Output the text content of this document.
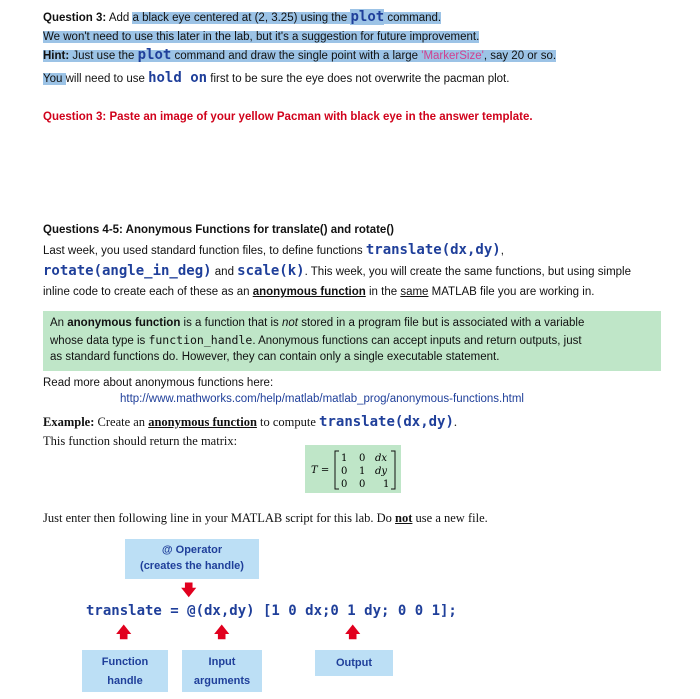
Question 3: Add a black eye centered at (2, 3.25) using the plot command.
We won't need to use this later in the lab, but it's a suggestion for future improvement.
Hint: Just use the plot command and draw the single point with a large 'MarkerSize', say 20 or so.
You will need to use hold on first to be sure the eye does not overwrite the pacman plot.
Question 3: Paste an image of your yellow Pacman with black eye in the answer template.
Questions 4-5: Anonymous Functions for translate() and rotate()
Last week, you used standard function files, to define functions translate(dx,dy),
rotate(angle_in_deg) and scale(k). This week, you will create the same functions, but using simple
inline code to create each of these as an anonymous function in the same MATLAB file you are working in.
An anonymous function is a function that is not stored in a program file but is associated with a variable
whose data type is function_handle. Anonymous functions can accept inputs and return outputs, just
as standard functions do. However, they can contain only a single executable statement.
Read more about anonymous functions here:
http://www.mathworks.com/help/matlab/matlab_prog/anonymous-functions.html
Example: Create an anonymous function to compute translate(dx,dy).
This function should return the matrix:
T =
1 0 dx
0 1 dy
0 0 1
Just enter then following line in your MATLAB script for this lab. Do not use a new file.
@ Operator
(creates the handle)
🡇
translate = @(dx,dy) [1 0 dx;0 1 dy; 0 0 1];
🡅	🡅	🡅
Function
handle
Input
arguments
Output
